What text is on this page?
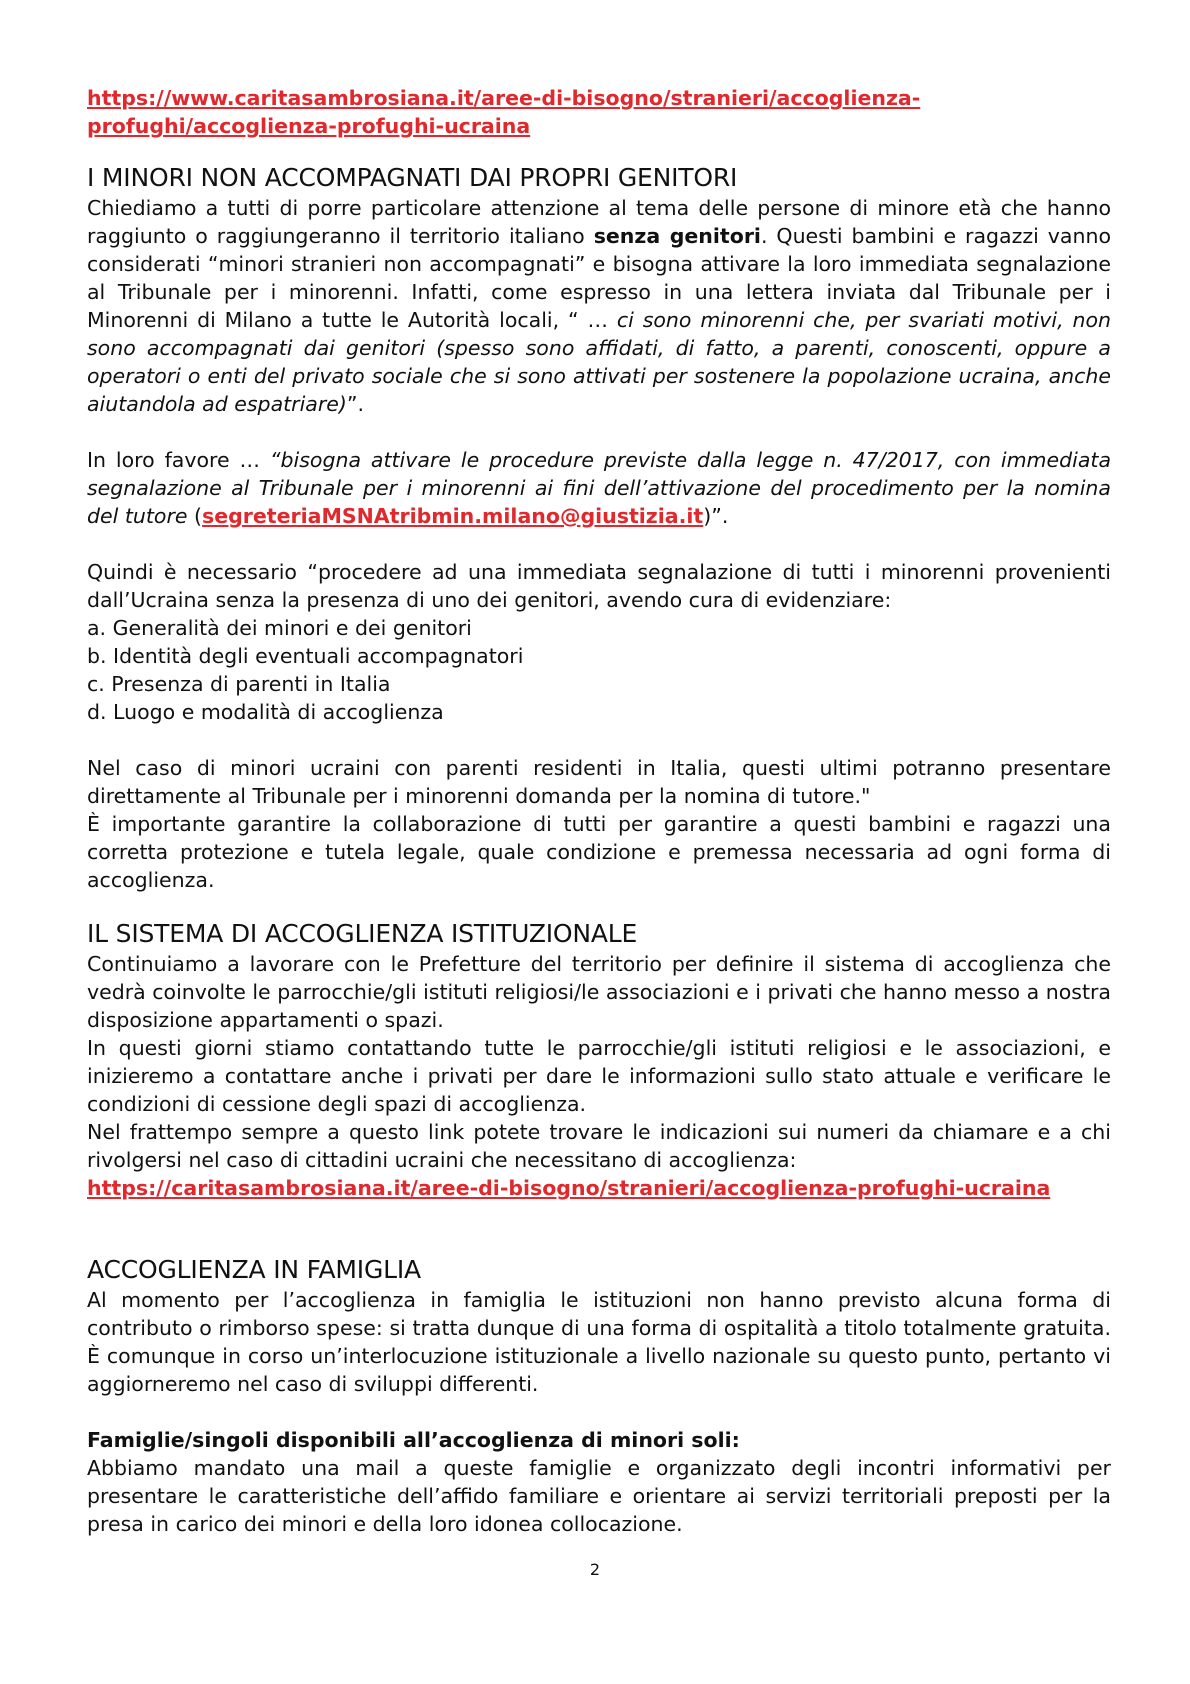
https://www.caritasambrosiana.it/aree-di-bisogno/stranieri/accoglienza-
profughi/accoglienza-profughi-ucraina
I MINORI NON ACCOMPAGNATI DAI PROPRI GENITORI

Chiediamo a tutti di porre particolare attenzione al tema delle persone di minore età che hanno raggiunto o raggiungeranno il territorio italiano senza genitori. Questi bambini e ragazzi vanno considerati “minori stranieri non accompagnati” e bisogna attivare la loro immediata segnalazione al Tribunale per i minorenni. Infatti, come espresso in una lettera inviata dal Tribunale per i Minorenni di Milano a tutte le Autorità locali, “ … ci sono minorenni che, per svariati motivi, non sono accompagnati dai genitori (spesso sono affidati, di fatto, a parenti, conoscenti, oppure a operatori o enti del privato sociale che si sono attivati per sostenere la popolazione ucraina, anche aiutandola ad espatriare)”.

In loro favore … “bisogna attivare le procedure previste dalla legge n. 47/2017, con immediata segnalazione al Tribunale per i minorenni ai fini dell’attivazione del procedimento per la nomina del tutore (segreteriaMSNAtribmin.milano@giustizia.it)”.

Quindi è necessario “procedere ad una immediata segnalazione di tutti i minorenni provenienti dall’Ucraina senza la presenza di uno dei genitori, avendo cura di evidenziare:

a. Generalità dei minori e dei genitori
b. Identità degli eventuali accompagnatori
c. Presenza di parenti in Italia
d. Luogo e modalità di accoglienza

Nel caso di minori ucraini con parenti residenti in Italia, questi ultimi potranno presentare direttamente al Tribunale per i minorenni domanda per la nomina di tutore."

È importante garantire la collaborazione di tutti per garantire a questi bambini e ragazzi una corretta protezione e tutela legale, quale condizione e premessa necessaria ad ogni forma di accoglienza.

IL SISTEMA DI ACCOGLIENZA ISTITUZIONALE

Continuiamo a lavorare con le Prefetture del territorio per definire il sistema di accoglienza che vedrà coinvolte le parrocchie/gli istituti religiosi/le associazioni e i privati che hanno messo a nostra disposizione appartamenti o spazi.

In questi giorni stiamo contattando tutte le parrocchie/gli istituti religiosi e le associazioni, e inizieremo a contattare anche i privati per dare le informazioni sullo stato attuale e verificare le condizioni di cessione degli spazi di accoglienza.

Nel frattempo sempre a questo link potete trovare le indicazioni sui numeri da chiamare e a chi rivolgersi nel caso di cittadini ucraini che necessitano di accoglienza:

https://caritasambrosiana.it/aree-di-bisogno/stranieri/accoglienza-profughi-ucraina
ACCOGLIENZA IN FAMIGLIA

Al momento per l’accoglienza in famiglia le istituzioni non hanno previsto alcuna forma di contributo o rimborso spese: si tratta dunque di una forma di ospitalità a titolo totalmente gratuita. È comunque in corso un’interlocuzione istituzionale a livello nazionale su questo punto, pertanto vi aggiorneremo nel caso di sviluppi differenti.

Famiglie/singoli disponibili all’accoglienza di minori soli:

Abbiamo mandato una mail a queste famiglie e organizzato degli incontri informativi per presentare le caratteristiche dell’affido familiare e orientare ai servizi territoriali preposti per la presa in carico dei minori e della loro idonea collocazione.

2
